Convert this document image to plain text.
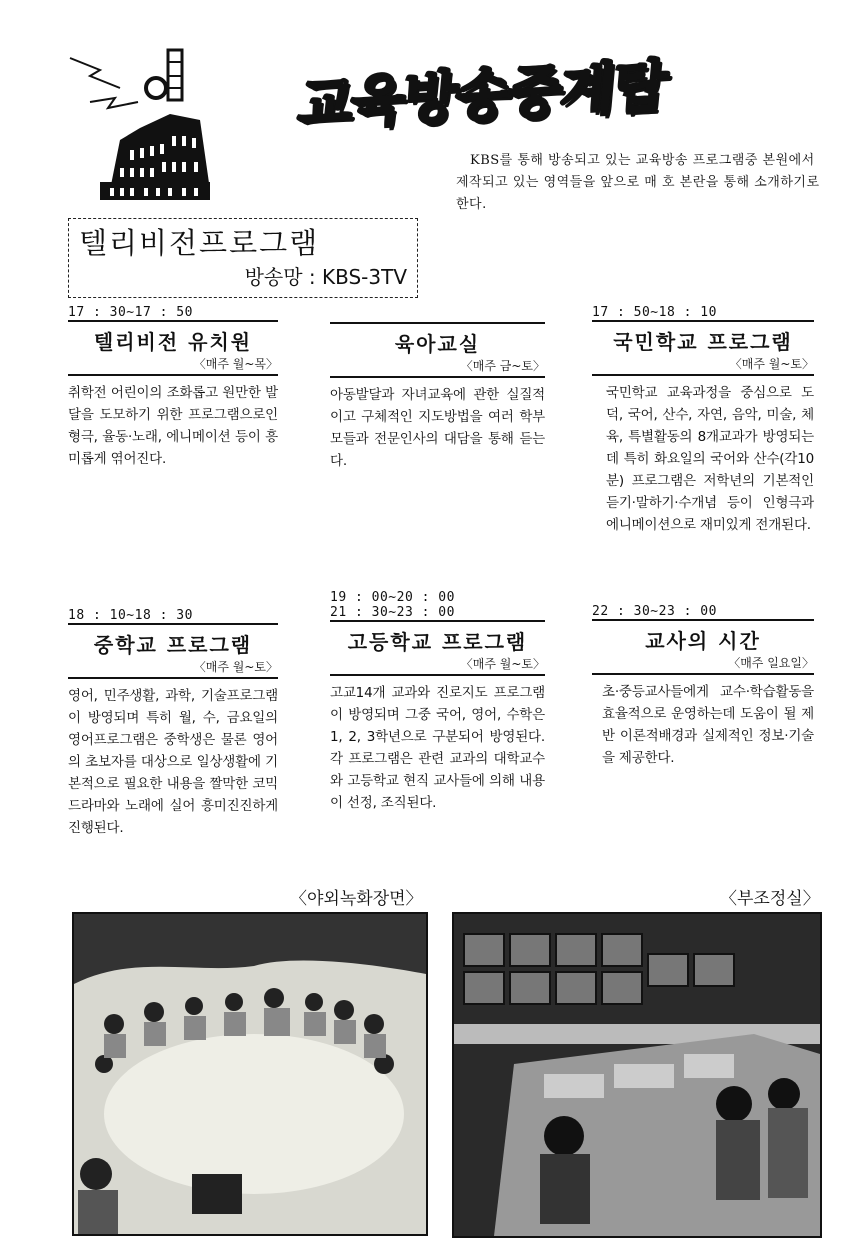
교육방송중계탑
KBS를 통해 방송되고 있는 교육방송 프로그램중 본원에서 제작되고 있는 영역들을 앞으로 매 호 본란을 통해 소개하기로 한다.
텔리비전프로그램
방송망 : KBS-3TV
17 : 30~17 : 50
텔리비전 유치원
〈매주 월~목〉
취학전 어린이의 조화롭고 원만한 발달을 도모하기 위한 프로그램으로인형극, 율동·노래, 에니메이션 등이 흥미롭게 엮어진다.
육아교실
〈매주 금~토〉
아동발달과 자녀교육에 관한 실질적이고 구체적인 지도방법을 여러 학부모들과 전문인사의 대담을 통해 듣는다.
17 : 50~18 : 10
국민학교 프로그램
〈매주 월~토〉
국민학교 교육과정을 중심으로 도덕, 국어, 산수, 자연, 음악, 미술, 체육, 특별활동의 8개교과가 방영되는데 특히 화요일의 국어와 산수(각10분) 프로그램은 저학년의 기본적인 듣기·말하기·수개념 등이 인형극과 에니메이션으로 재미있게 전개된다.
18 : 10~18 : 30
중학교 프로그램
〈매주 월~토〉
영어, 민주생활, 과학, 기술프로그램이 방영되며 특히 월, 수, 금요일의 영어프로그램은 중학생은 물론 영어의 초보자를 대상으로 일상생활에 기본적으로 필요한 내용을 짤막한 코믹드라마와 노래에 실어 흥미진진하게 진행된다.
19 : 00~20 : 00
21 : 30~23 : 00
고등학교 프로그램
〈매주 월~토〉
고교14개 교과와 진로지도 프로그램이 방영되며 그중 국어, 영어, 수학은 1, 2, 3학년으로 구분되어 방영된다. 각 프로그램은 관련 교과의 대학교수와 고등학교 현직 교사들에 의해 내용이 선정, 조직된다.
22 : 30~23 : 00
교사의 시간
〈매주 일요일〉
초·중등교사들에게 교수·학습활동을 효율적으로 운영하는데 도움이 될 제반 이론적배경과 실제적인 정보·기술을 제공한다.
〈야외녹화장면〉	〈부조정실〉
